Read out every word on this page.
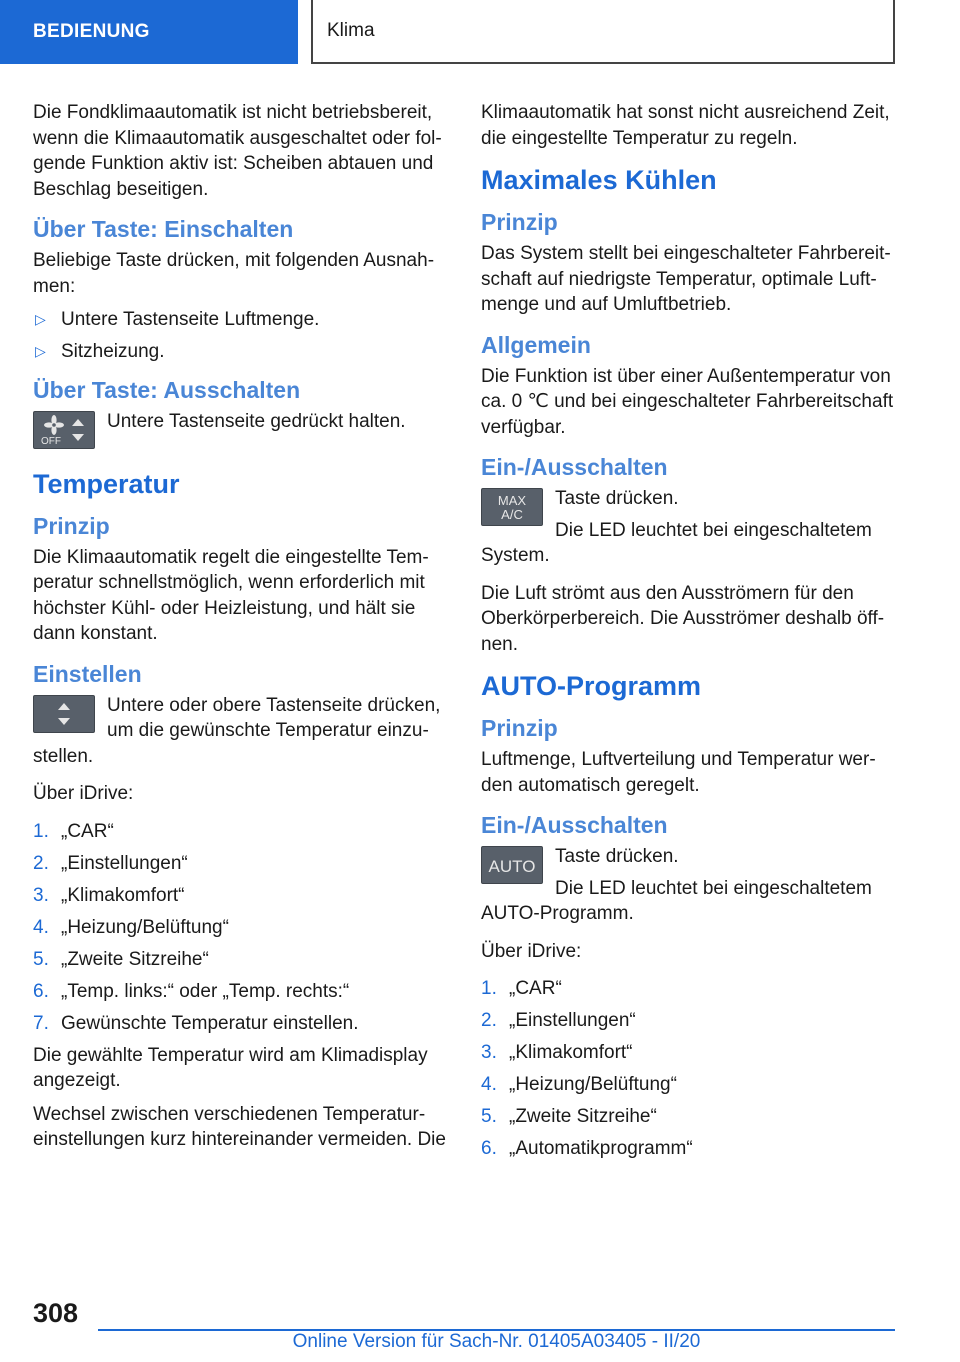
BEDIENUNG	Klima

Die Fondklimaautomatik ist nicht betriebsbereit, wenn die Klimaautomatik ausgeschaltet oder fol-gende Funktion aktiv ist: Scheiben abtauen und Beschlag beseitigen.

Über Taste: Einschalten

Beliebige Taste drücken, mit folgenden Ausnah-men:

▷ Untere Tastenseite Luftmenge.
▷ Sitzheizung.
Über Taste: Ausschalten
OFF
Untere Tastenseite gedrückt halten.
Temperatur
Prinzip

Die Klimaautomatik regelt die eingestellte Tem-peratur schnellstmöglich, wenn erforderlich mit höchster Kühl- oder Heizleistung, und hält sie dann konstant.

Einstellen

Untere oder obere Tastenseite drücken, um die gewünschte Temperatur einzu-stellen.

Über iDrive:

1. „CAR“
2. „Einstellungen“
3. „Klimakomfort“
4. „Heizung/Belüftung“
5. „Zweite Sitzreihe“
6. „Temp. links:“ oder „Temp. rechts:“
7. Gewünschte Temperatur einstellen.

Die gewählte Temperatur wird am Klimadisplay angezeigt.

Wechsel zwischen verschiedenen Temperatur-einstellungen kurz hintereinander vermeiden. Die

Klimaautomatik hat sonst nicht ausreichend Zeit, die eingestellte Temperatur zu regeln.

Maximales Kühlen
Prinzip

Das System stellt bei eingeschalteter Fahrbereit-schaft auf niedrigste Temperatur, optimale Luft-menge und auf Umluftbetrieb.

Allgemein

Die Funktion ist über einer Außentemperatur von ca. 0 ℃ und bei eingeschalteter Fahrbereitschaft verfügbar.

Ein-/Ausschalten
MAX
A/C
Taste drücken.

Die LED leuchtet bei eingeschaltetem System.

Die Luft strömt aus den Ausströmern für den Oberkörperbereich. Die Ausströmer deshalb öff-nen.

AUTO-Programm
Prinzip

Luftmenge, Luftverteilung und Temperatur wer-den automatisch geregelt.

Ein-/Ausschalten
AUTO	Taste drücken.

Die LED leuchtet bei eingeschaltetem AUTO-Programm.

Über iDrive:

1. „CAR“
2. „Einstellungen“
3. „Klimakomfort“
4. „Heizung/Belüftung“
5. „Zweite Sitzreihe“
6. „Automatikprogramm“
308
Online Version für Sach-Nr. 01405A03405 - II/20
